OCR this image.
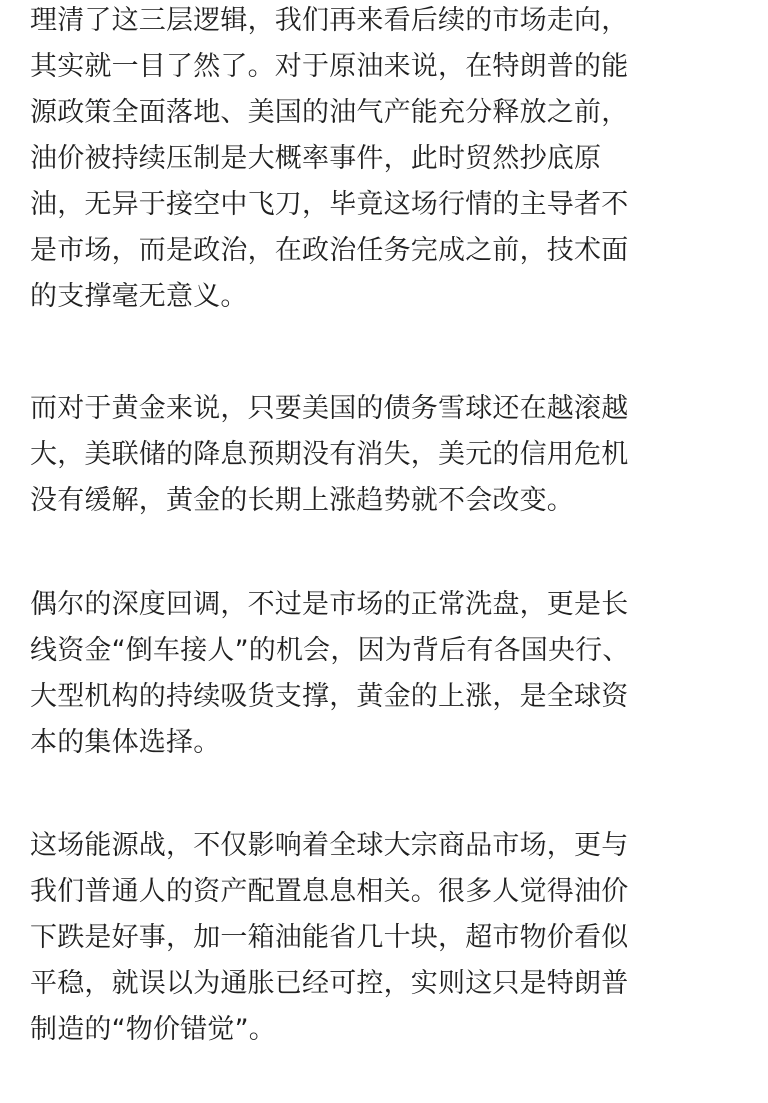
理清了这三层逻辑，我们再来看后续的市场走向，
其实就一目了然了。对于原油来说，在特朗普的能
源政策全面落地、美国的油气产能充分释放之前，
油价被持续压制是大概率事件，此时贸然抄底原
油，无异于接空中飞刀，毕竟这场行情的主导者不
是市场，而是政治，在政治任务完成之前，技术面
的支撑毫无意义。

而对于黄金来说，只要美国的债务雪球还在越滚越
大，美联储的降息预期没有消失，美元的信用危机
没有缓解，黄金的长期上涨趋势就不会改变。

偶尔的深度回调，不过是市场的正常洗盘，更是长
线资金“倒车接人”的机会，因为背后有各国央行、
大型机构的持续吸货支撑，黄金的上涨，是全球资
本的集体选择。

这场能源战，不仅影响着全球大宗商品市场，更与
我们普通人的资产配置息息相关。很多人觉得油价
下跌是好事，加一箱油能省几十块，超市物价看似
平稳，就误以为通胀已经可控，实则这只是特朗普
制造的“物价错觉”。
